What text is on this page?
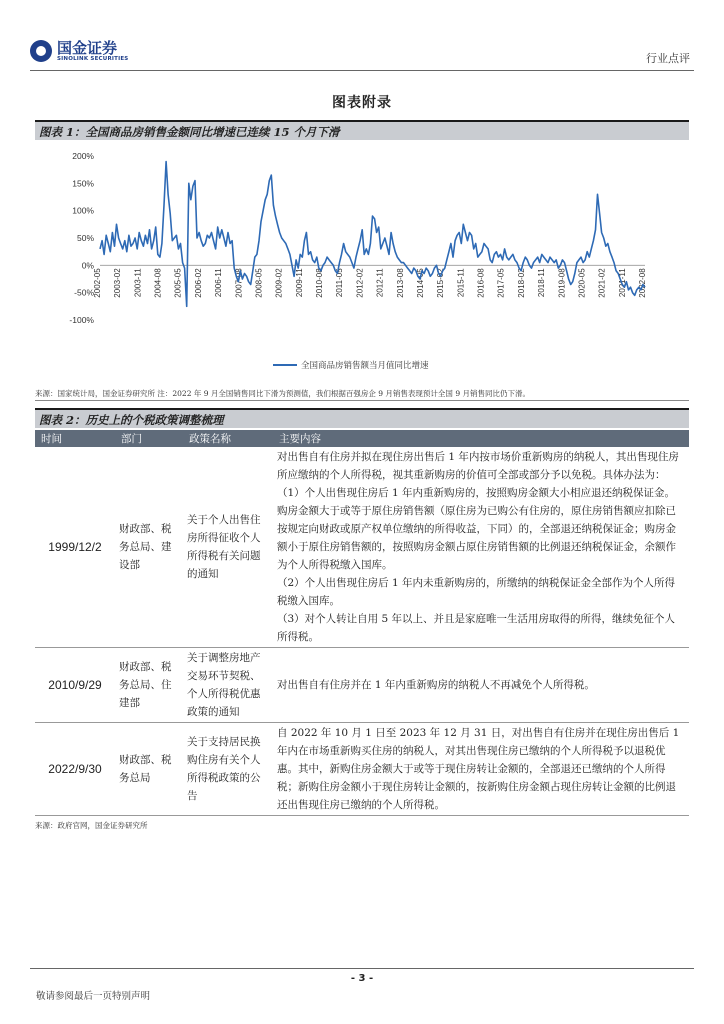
国金证券
SINOLINK SECURITIES	行业点评
图表附录
图表 1：全国商品房销售金额同比增速已连续 15 个月下滑
200%
150%
100%
50%
0%
-50%
-100%
2002-05 2003-02 2003-11 2004-08 2005-05 2006-02 2006-11 2007-08 2008-05 2009-02 2009-11 2010-08 2011-05 2012-02 2012-11 2013-08 2014-05 2015-02 2015-11 2016-08 2017-05 2018-02 2018-11 2019-08 2020-05 2021-02 2021-11 2022-08
全国商品房销售额当月值同比增速
来源：国家统计局，国金证券研究所 注：2022 年 9 月全国销售同比下滑为预测值，我们根据百强房企 9 月销售表现预计全国 9 月销售同比仍下滑。
图表 2：历史上的个税政策调整梳理
时间	部门	政策名称	主要内容
1999/12/2	财政部、税务总局、建设部	关于个人出售住房所得征收个人所得税有关问题的通知	对出售自有住房并拟在现住房出售后 1 年内按市场价重新购房的纳税人，其出售现住房所应缴纳的个人所得税，视其重新购房的价值可全部或部分予以免税。具体办法为：
（1）个人出售现住房后 1 年内重新购房的，按照购房金额大小相应退还纳税保证金。购房金额大于或等于原住房销售额（原住房为已购公有住房的，原住房销售额应扣除已按规定向财政或原产权单位缴纳的所得收益，下同）的，全部退还纳税保证金；购房金额小于原住房销售额的，按照购房金额占原住房销售额的比例退还纳税保证金，余额作为个人所得税缴入国库。
（2）个人出售现住房后 1 年内未重新购房的，所缴纳的纳税保证金全部作为个人所得税缴入国库。
（3）对个人转让自用 5 年以上、并且是家庭唯一生活用房取得的所得，继续免征个人所得税。

2010/9/29	财政部、税务总局、住建部	关于调整房地产交易环节契税、个人所得税优惠政策的通知	对出售自有住房并在 1 年内重新购房的纳税人不再减免个人所得税。

2022/9/30	财政部、税务总局	关于支持居民换购住房有关个人所得税政策的公告	自 2022 年 10 月 1 日至 2023 年 12 月 31 日，对出售自有住房并在现住房出售后 1 年内在市场重新购买住房的纳税人，对其出售现住房已缴纳的个人所得税予以退税优惠。其中，新购住房金额大于或等于现住房转让金额的，全部退还已缴纳的个人所得税；新购住房金额小于现住房转让金额的，按新购住房金额占现住房转让金额的比例退还出售现住房已缴纳的个人所得税。
来源：政府官网，国金证券研究所
- 3 -
敬请参阅最后一页特别声明
